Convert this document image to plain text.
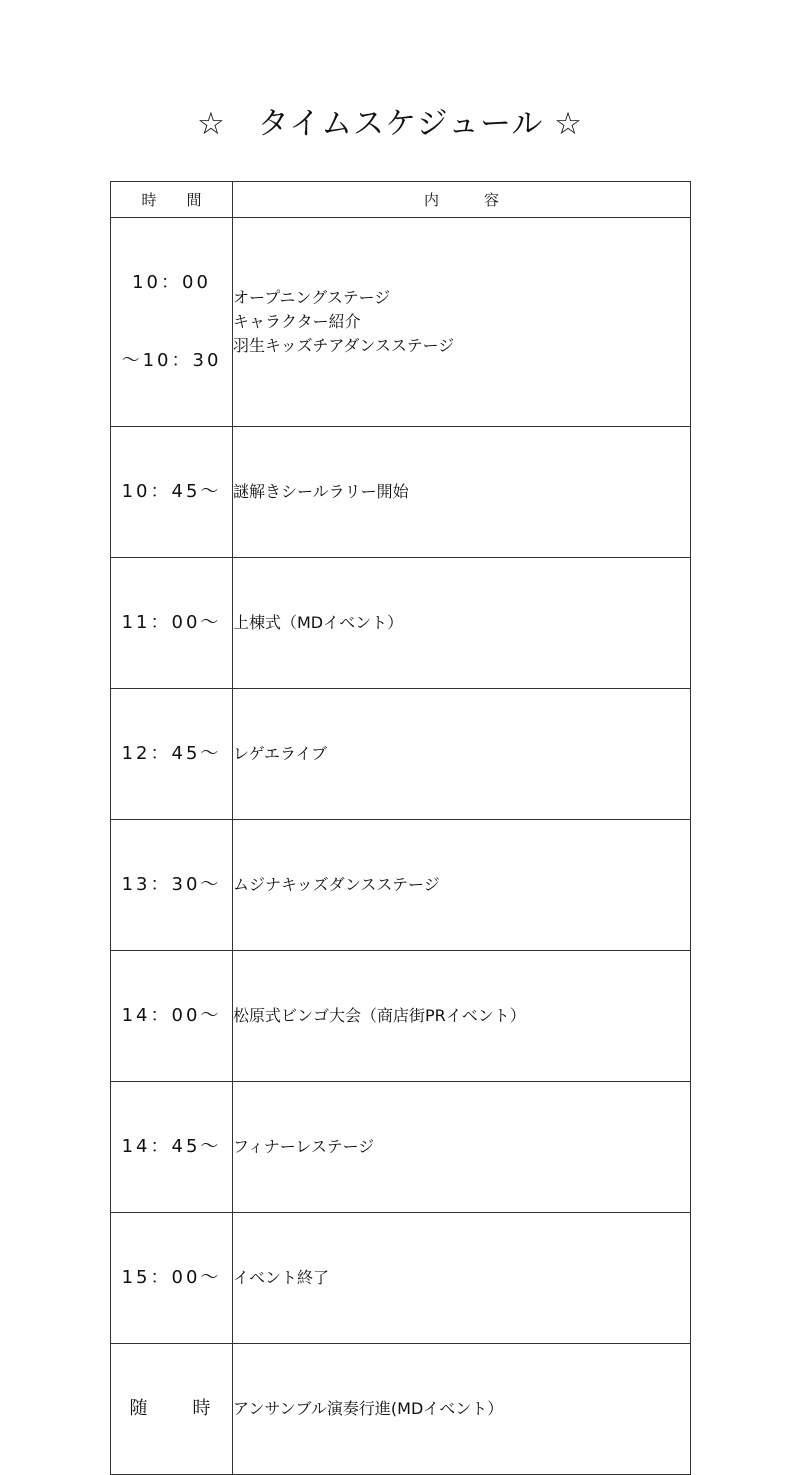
☆　タイムスケジュール ☆
時　　間	内　　　容

10：00

～10：30	オープニングステージ
キャラクター紹介
羽生キッズチアダンスステージ

10：45～	謎解きシールラリー開始

11：00～	上棟式（MDイベント）

12：45～	レゲエライブ

13：30～	ムジナキッズダンスステージ

14：00～	松原式ビンゴ大会（商店街PRイベント）

14：45～	フィナーレステージ

15：00～	イベント終了

随　　時	アンサンブル演奏行進(MDイベント）
